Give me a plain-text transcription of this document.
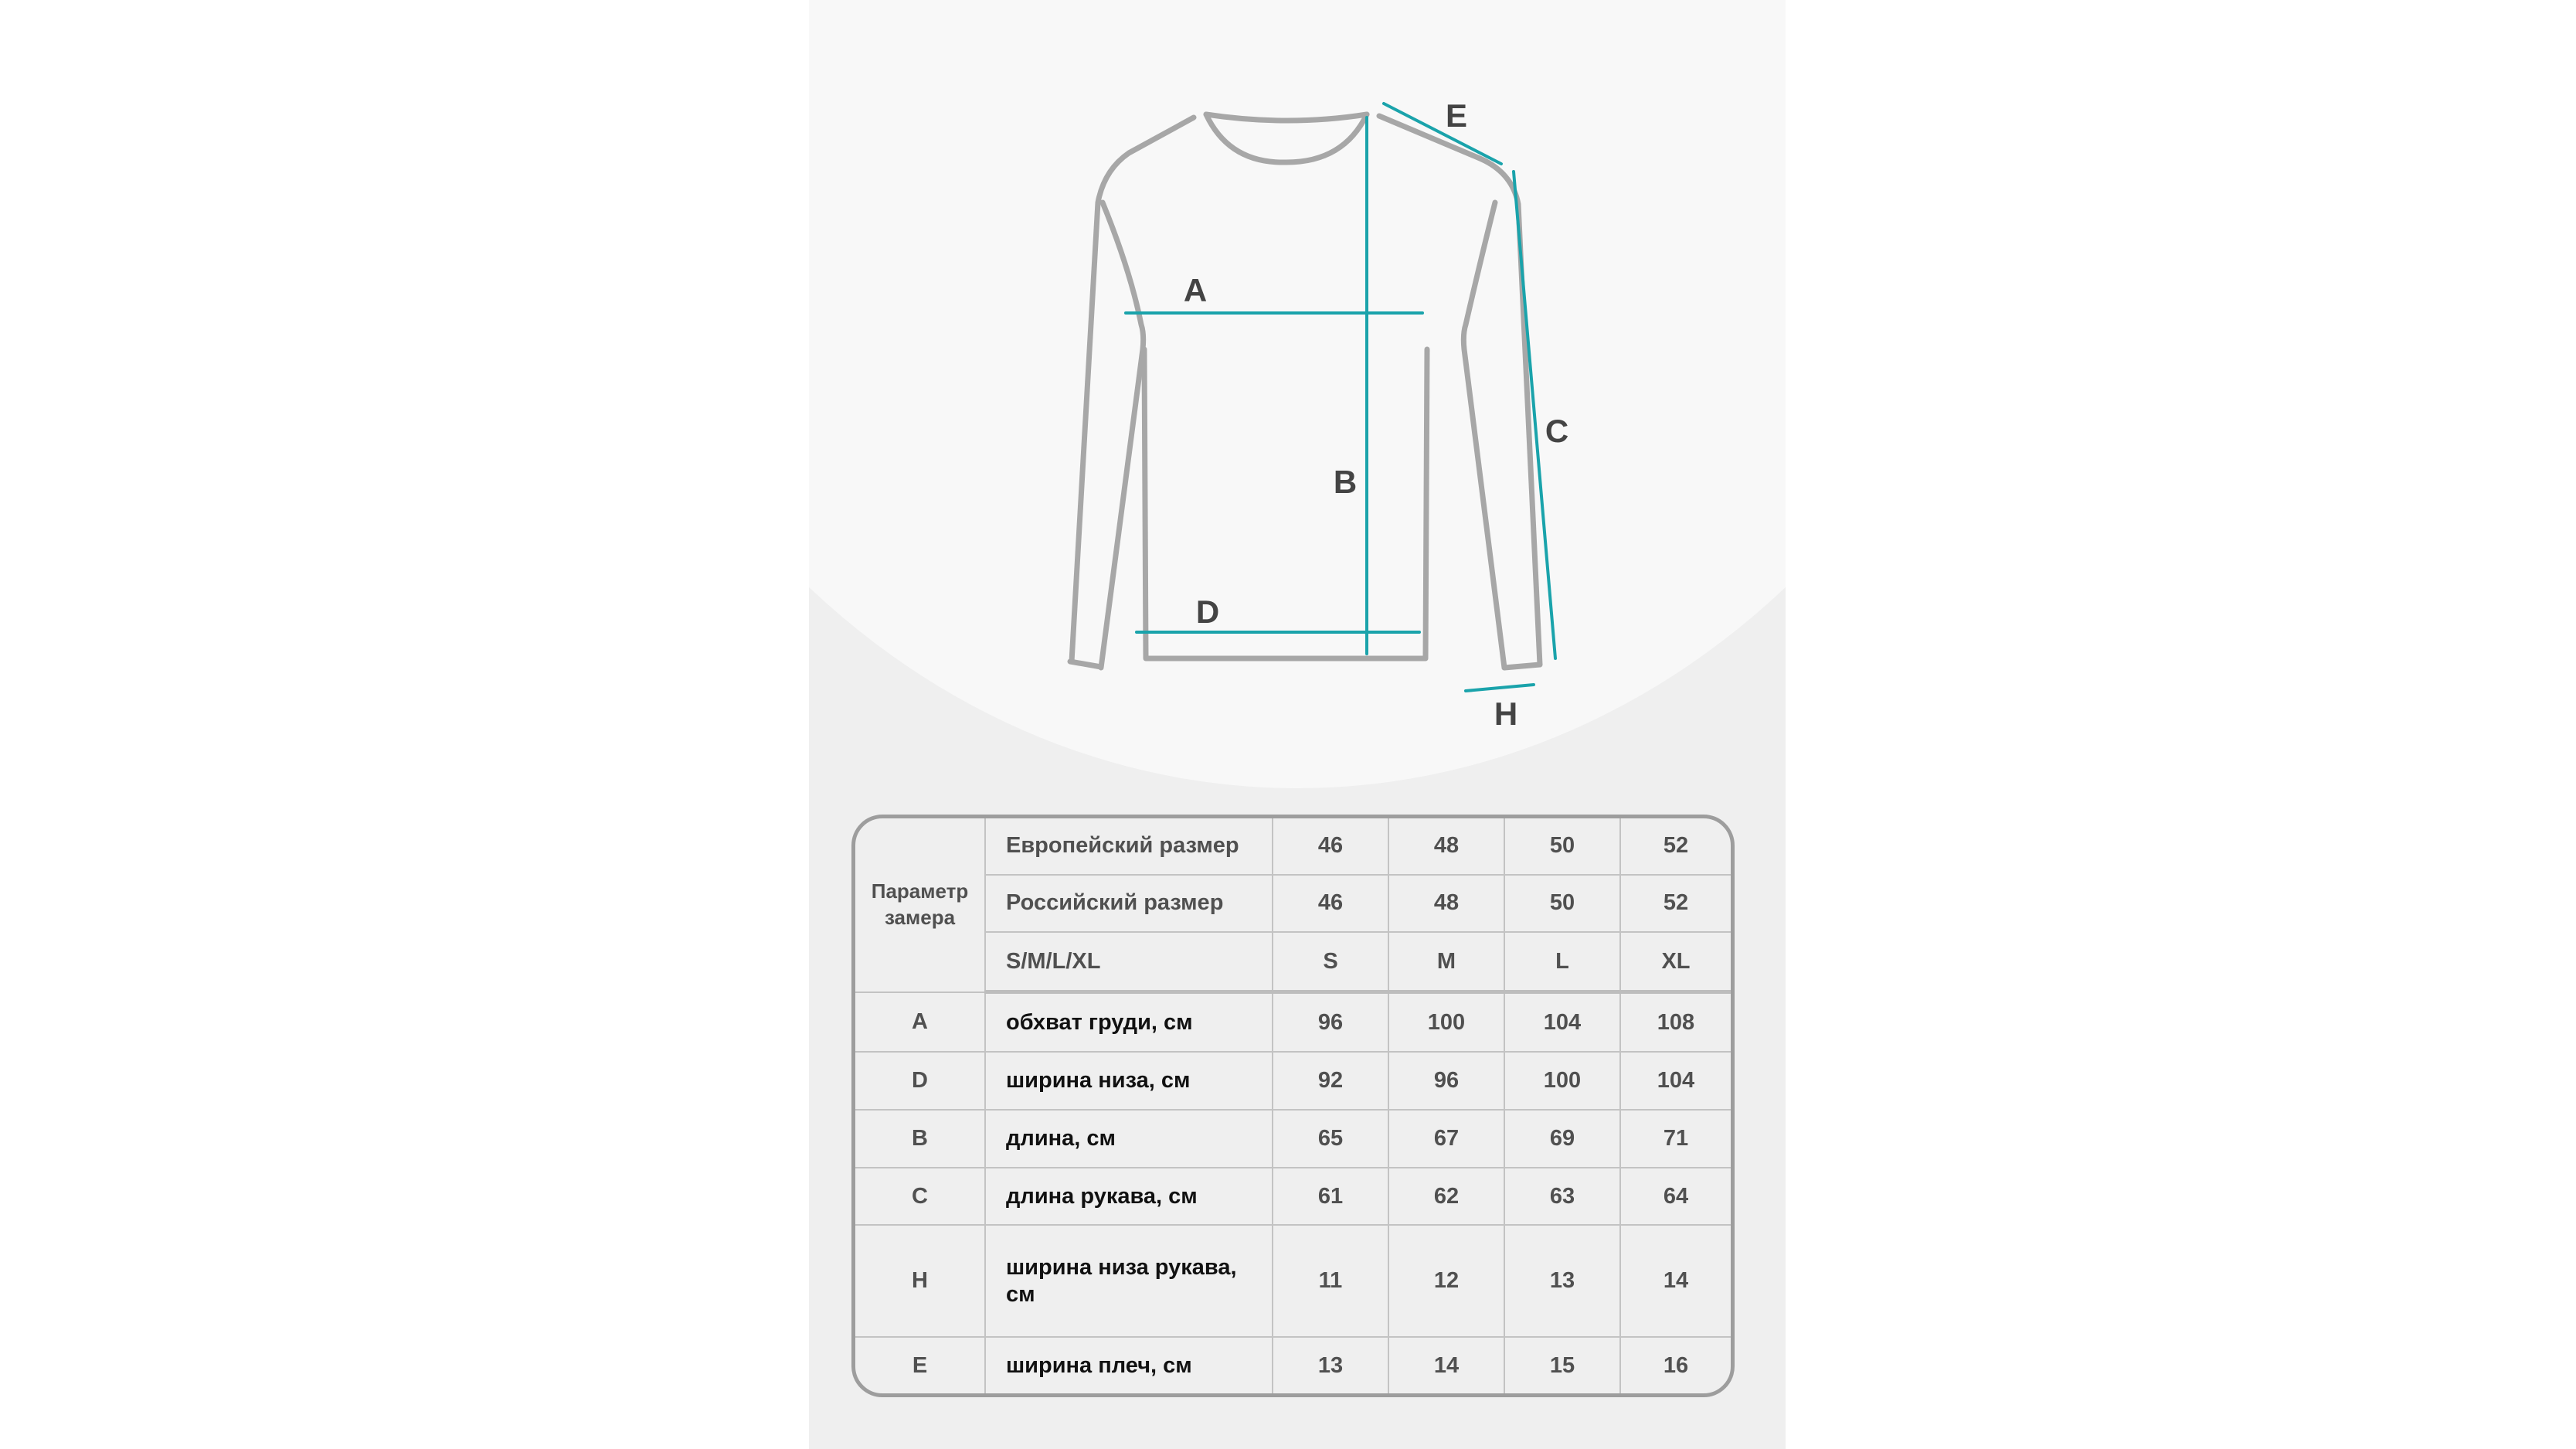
A
B
C
D
E
H
Параметр замера	Европейский размер	46	48	50	52
	Российский размер	46	48	50	52
	S/M/L/XL	S	M	L	XL
A	обхват груди, см	96	100	104	108
D	ширина низа, см	92	96	100	104
B	длина, см	65	67	69	71
C	длина рукава, см	61	62	63	64
H	ширина низа рукава, см	11	12	13	14
E	ширина плеч, см	13	14	15	16
